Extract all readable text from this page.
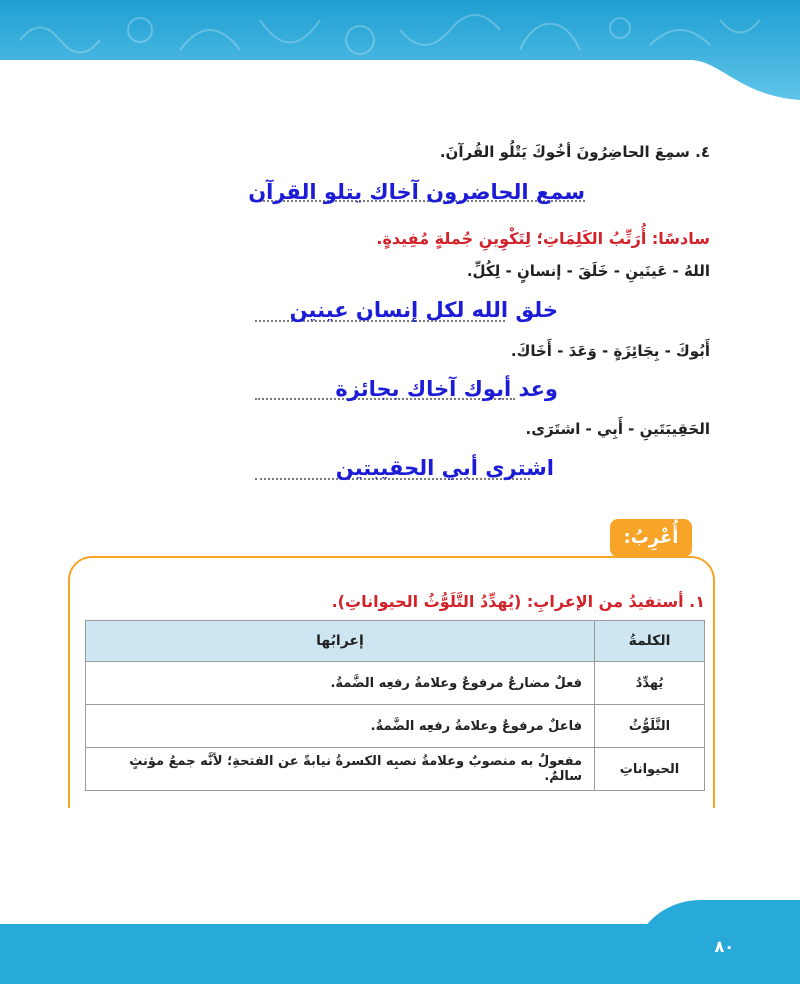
٤. سمِعَ الحاضِرُونَ أخُوكَ يَتْلُو القُرآنَ.
سمع الحاضرون آخاك يتلو القرآن
سادسًا: أُرَتِّبُ الكَلِمَاتِ؛ لِتَكْوِينِ جُملةٍ مُفِيدةٍ.
اللهُ - عَينَينِ - خَلَقَ - إنسانٍ - لِكُلِّ.
خلق الله لكل إنسان عينين
أَبُوكَ - بِجَائِزَةٍ - وَعَدَ - أَخَاكَ.
وعد أبوك آخاك بجائزة
الحَقِيبَتَينِ - أَبِي - اشتَرَى.
اشترى أبي الحقيبتين
أُعْرِبُ:
١. أستفيدُ من الإعرابِ: (يُهدِّدُ التَّلَوُّثُ الحيواناتِ).
الكلمةُ	إعرابُها
يُهدِّدُ	فعلٌ مضارعٌ مرفوعٌ وعلامةُ رفعِه الضَّمةُ.
التَّلَوُّثُ	فاعلٌ مرفوعٌ وعلامةُ رفعِه الضَّمةُ.
الحيواناتِ	مفعولٌ به منصوبٌ وعلامةُ نصبِه الكسرةُ نيابةً عن الفتحةِ؛ لأنَّه جمعُ مؤنثٍ سالمٌ.
٨٠
